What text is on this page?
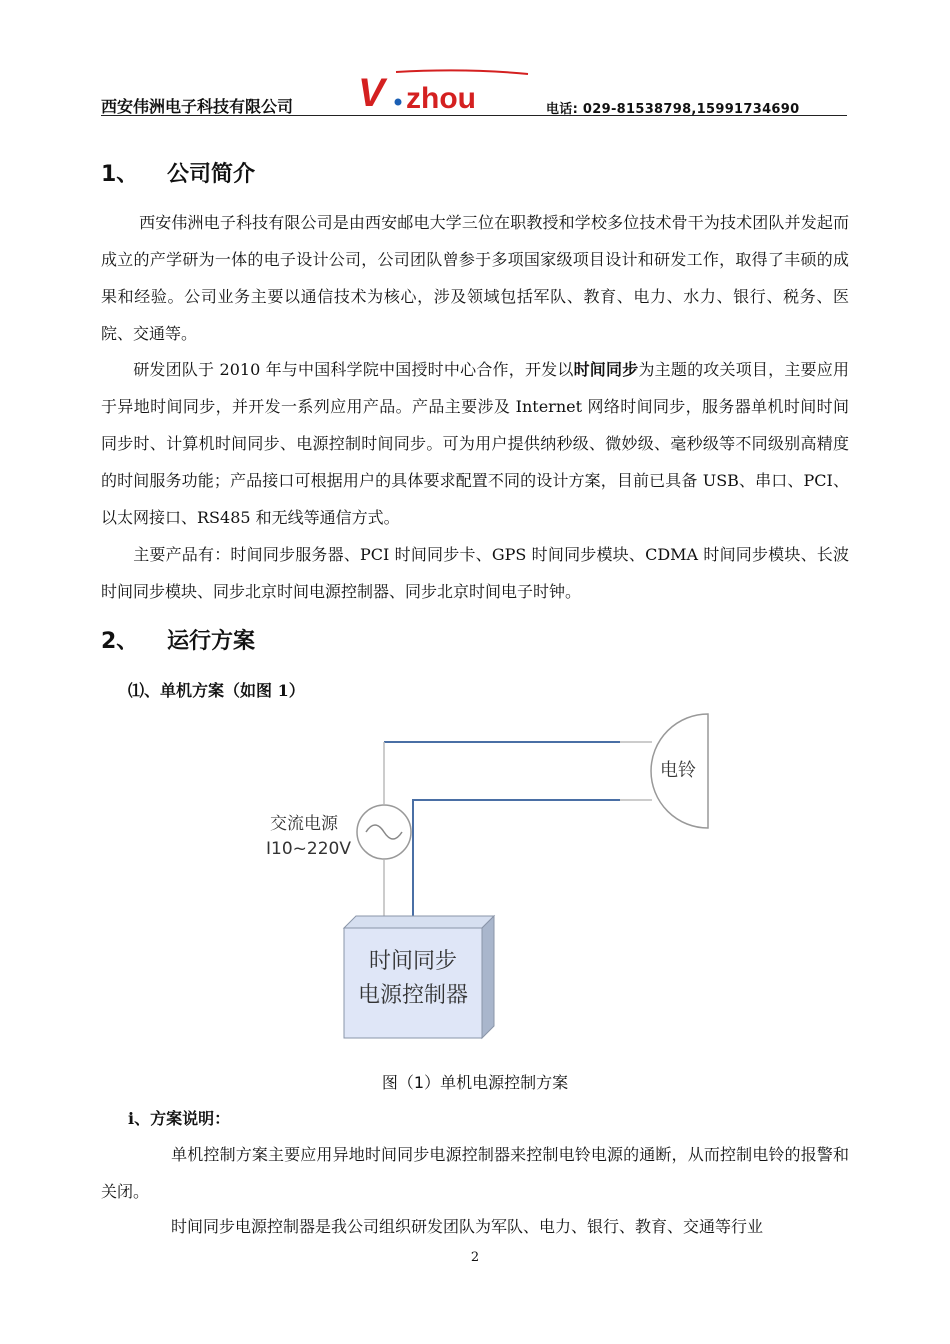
西安伟洲电子科技有限公司 V zhou	电话: 029-81538798,15991734690
1、 公司简介
西安伟洲电子科技有限公司是由西安邮电大学三位在职教授和学校多位技术骨干为技术团队并发起而成立的产学研为一体的电子设计公司，公司团队曾参于多项国家级项目设计和研发工作，取得了丰硕的成果和经验。公司业务主要以通信技术为核心，涉及领域包括军队、教育、电力、水力、银行、税务、医院、交通等。
研发团队于 2010 年与中国科学院中国授时中心合作，开发以时间同步为主题的攻关项目，主要应用于异地时间同步，并开发一系列应用产品。产品主要涉及 Internet 网络时间同步，服务器单机时间时间同步时、计算机时间同步、电源控制时间同步。可为用户提供纳秒级、微妙级、毫秒级等不同级别高精度的时间服务功能；产品接口可根据用户的具体要求配置不同的设计方案，目前已具备 USB、串口、PCI、以太网接口、RS485 和无线等通信方式。
主要产品有：时间同步服务器、PCI 时间同步卡、GPS 时间同步模块、CDMA 时间同步模块、长波时间同步模块、同步北京时间电源控制器、同步北京时间电子时钟。
2、 运行方案
⑴、单机方案（如图 1）
电铃
交流电源
I10~220V
时间同步
电源控制器
图（1）单机电源控制方案
i、方案说明：
单机控制方案主要应用异地时间同步电源控制器来控制电铃电源的通断，从而控制电铃的报警和关闭。
时间同步电源控制器是我公司组织研发团队为军队、电力、银行、教育、交通等行业
2
